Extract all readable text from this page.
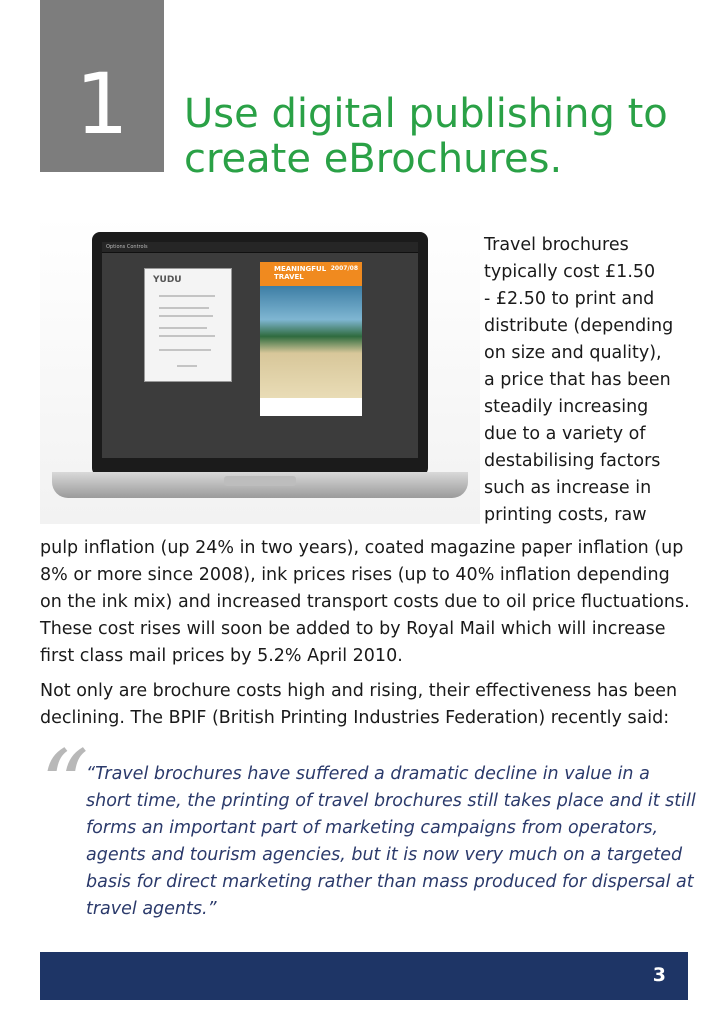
1	Use digital publishing to
create eBrochures.
Options Controls
YUDU
MEANINGFUL TRAVEL
2007/08
Travel brochures
typically cost £1.50
- £2.50 to print and
distribute (depending
on size and quality),
a price that has been
steadily increasing
due to a variety of
destabilising factors
such as increase in
printing costs, raw
pulp inflation (up 24% in two years), coated magazine paper inflation (up
8% or more since 2008), ink prices rises (up to 40% inflation depending
on the ink mix) and increased transport costs due to oil price fluctuations.
These cost rises will soon be added to by Royal Mail which will increase
first class mail prices by 5.2% April 2010.
Not only are brochure costs high and rising, their effectiveness has been
declining. The BPIF (British Printing Industries Federation) recently said:
“
“Travel brochures have suffered a dramatic decline in value in a
short time, the printing of travel brochures still takes place and it still
forms an important part of marketing campaigns from operators,
agents and tourism agencies, but it is now very much on a targeted
basis for direct marketing rather than mass produced for dispersal at
travel agents.”
3
